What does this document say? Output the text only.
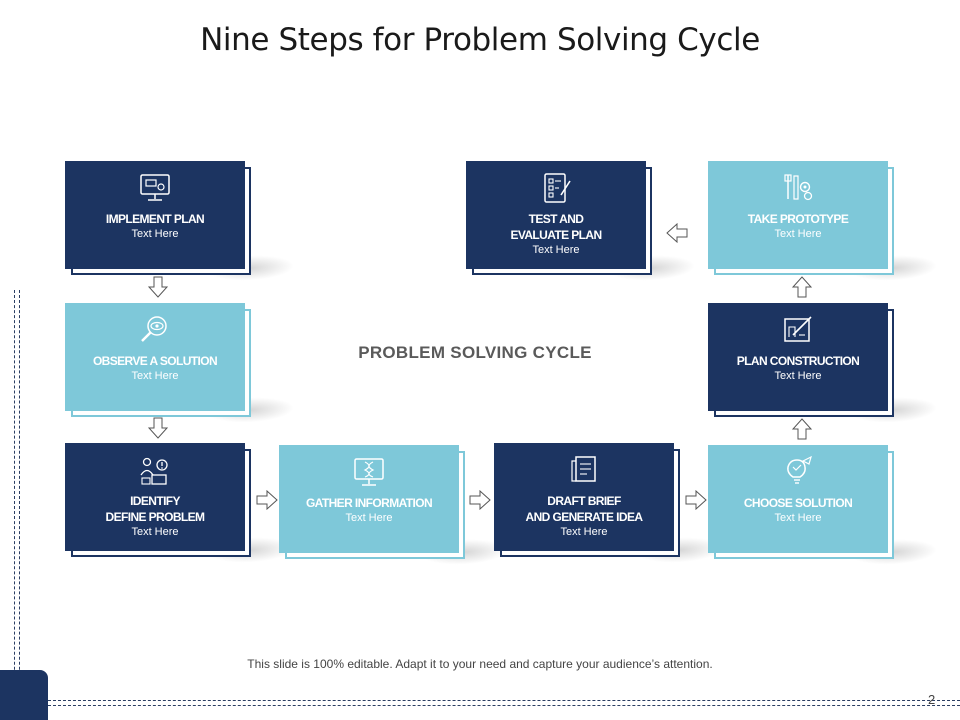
Nine Steps for Problem Solving Cycle
IMPLEMENT PLAN
Text Here
TEST AND
EVALUATE PLAN
Text Here
TAKE PROTOTYPE
Text Here
OBSERVE A SOLUTION
Text Here
PROBLEM SOLVING CYCLE	PLAN CONSTRUCTION
Text Here
IDENTIFY
DEFINE PROBLEM
Text Here
GATHER INFORMATION
Text Here
DRAFT BRIEF
AND GENERATE IDEA
Text Here
CHOOSE SOLUTION
Text Here
This slide is 100% editable. Adapt it to your need and capture your audience’s attention.
2
